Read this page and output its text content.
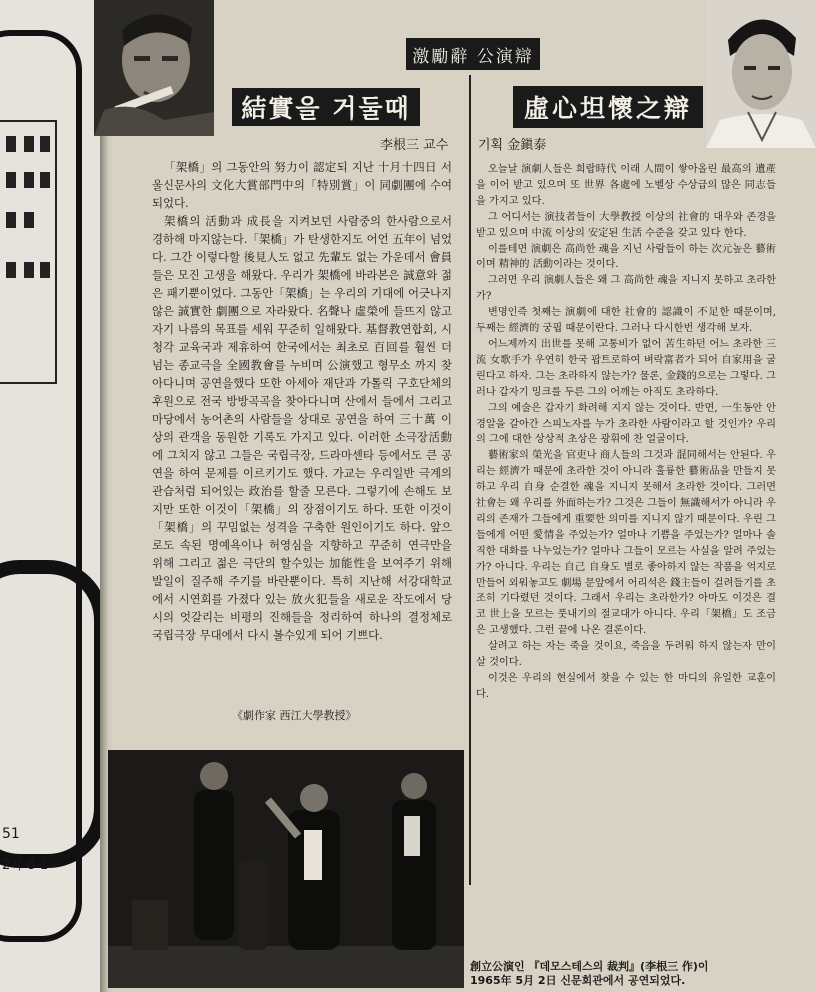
51
2가 8-1
激勵辭 公演辯
結實을 거둘때	虛心坦懷之辯
李根三 교수 기획 金鎭泰

「架橋」의 그동안의 努力이 認定되 지난 十月十四日 서울신문사의 文化大賞部門中의「特別賞」이 同劇團에 수여되었다.

架橋의 活動과 成長을 지켜보던 사람중의 한사람으로서 경하해 마지않는다.「架橋」가 탄생한지도 어언 五年이 넘었다. 그간 이렇다할 後見人도 없고 先輩도 없는 가운데서 會員들은 모진 고생을 해왔다. 우리가 架橋에 바라본은 誠意와 젊은 패기뿐이었다. 그동안「架橋」는 우리의 기대에 어긋나지 않은 誠實한 劇團으로 자라왔다. 名聲나 虛榮에 들뜨지 않고 자기 나름의 목표를 세워 꾸준히 일해왔다. 基督教연합회, 시청각 교육국과 제휴하여 한국에서는 최초로 百回를 훨씬 더 넘는 종교극을 全國教會를 누비며 公演했고 형무소 까지 찾아다니며 공연을했다 또한 아세아 재단과 가톨릭 구호단체의 후원으로 전국 방방곡곡을 찾아다니며 산에서 들에서 그리고 마당에서 농어촌의 사람들을 상대로 공연을 하여 三十萬 이상의 관객을 동원한 기록도 가지고 있다. 이러한 소극장活動에 그치지 않고 그들은 국립극장, 드라마센타 등에서도 큰 공연을 하여 문제를 이르키기도 했다. 가교는 우리일반 극계의 관습처럼 되어있는 政治를 할줄 모른다. 그렇기에 손해도 보지만 또한 이것이「架橋」의 장점이기도 하다. 또한 이것이「架橋」의 꾸밈없는 성격을 구축한 원인이기도 하다. 앞으로도 속된 명예욕이나 허영심을 지향하고 꾸준히 연극만을 위해 그리고 젊은 극단의 할수있는 加能性을 보여주기 위해 발일이 질주해 주기를 바란뿐이다. 특히 지난해 서강대학교에서 시연회를 가졌다 있는 放火犯들을 새로운 작도에서 당시의 엇갈리는 비평의 진해들을 정리하여 하나의 결정체로 국립극장 무대에서 다시 볼수있게 되어 기쁘다.

《劇作家 西江大學教授》

오늘날 演劇人들은 희랍時代 이래 人間이 쌓아올린 最高의 遺產을 이어 받고 있으며 또 世界 各處에 노벨상 수상급의 많은 同志들을 가지고 있다.

그 어디서는 演技者들이 大學教授 이상의 社會的 대우와 존경을 받고 있으며 中流 이상의 安定된 生活 수준을 갖고 있다 한다.

이를테면 演劇은 高尚한 魂을 지닌 사람들이 하는 次元높은 藝術이며 精神的 活動이라는 것이다.

그러면 우리 演劇人들은 왜 그 高尚한 魂을 지니지 못하고 초라한가?

변명인즉 첫째는 演劇에 대한 社會的 認識이 不足한 때문이며, 두째는 經濟的 궁핍 때문이란다. 그러나 다시한번 생각해 보자.

어느제까지 出世를 못해 고통비가 없어 苦生하던 어느 초라한 三流 女歌手가 우연히 한국 팝트로하여 벼락富者가 되어 自家用을 굴린다고 하자. 그는 초라하지 않는가? 물론, 金錢的으로는 그렇다. 그러나 갑자기 밍크를 두른 그의 어깨는 아직도 초라하다.

그의 예술은 갑자기 화려해 지지 않는 것이다. 반면, 一生동안 안경알을 갈아간 스피노자를 누가 초라한 사람이라고 할 것인가? 우리의 그에 대한 상상적 초상은 광휘에 찬 얼굴이다.

藝術家의 榮光을 官吏나 商人들의 그것과 混同해서는 안된다. 우리는 經濟가 때문에 초라한 것이 아니라 훌륭한 藝術品을 만들지 못하고 우리 自身 순결한 魂을 지니지 못해서 초라한 것이다. 그러면 社會는 왜 우리를 外面하는가? 그것은 그들이 無識해서가 아니라 우리의 존재가 그들에게 重要한 의미를 지니지 않기 때문이다. 우린 그들에게 어떤 愛情을 주었는가? 얼마나 기쁨을 주었는가? 얼마나 솔직한 대화를 나누었는가? 얼마나 그들이 모르는 사실을 알려 주었는가? 아니다. 우리는 自己 自身도 별로 좋아하지 않는 작품을 억지로 만들어 외워놓고도 劇場 문앞에서 어리석은 錢主들이 걸려들기를 초조히 기다렸던 것이다. 그래서 우리는 초라한가? 아마도 이것은 결코 世上을 모르는 풋내기의 절교대가 아니다. 우리「架橋」도 조금은 고생했다. 그런 끝에 나온 결론이다.

살려고 하는 자는 죽을 것이요, 죽음을 두려워 하지 않는자 만이 살 것이다.

이것은 우리의 현실에서 찾을 수 있는 한 마디의 유일한 교훈이다.

創立公演인 『데모스테스의 裁判』(李根三 作)이
1965年 5月 2日 신문회관에서 공연되었다.
